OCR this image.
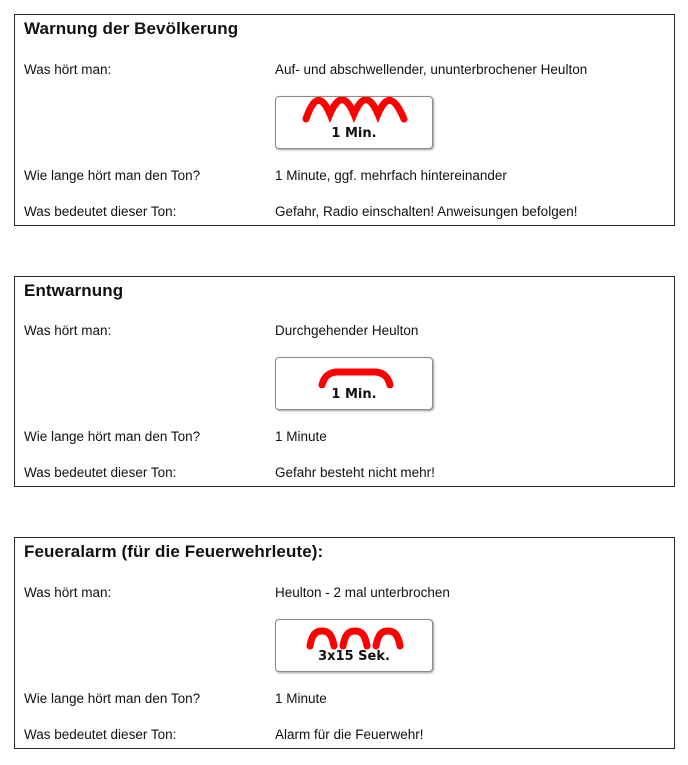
Warnung der Bevölkerung
Was hört man:	Auf- und abschwellender, ununterbrochener Heulton
1 Min.
Wie lange hört man den Ton?	1 Minute, ggf. mehrfach hintereinander
Was bedeutet dieser Ton:	Gefahr, Radio einschalten! Anweisungen befolgen!
Entwarnung
Was hört man:	Durchgehender Heulton
1 Min.
Wie lange hört man den Ton?	1 Minute
Was bedeutet dieser Ton:	Gefahr besteht nicht mehr!
Feueralarm (für die Feuerwehrleute):
Was hört man:	Heulton - 2 mal unterbrochen
3x15 Sek.
Wie lange hört man den Ton?	1 Minute
Was bedeutet dieser Ton:	Alarm für die Feuerwehr!
